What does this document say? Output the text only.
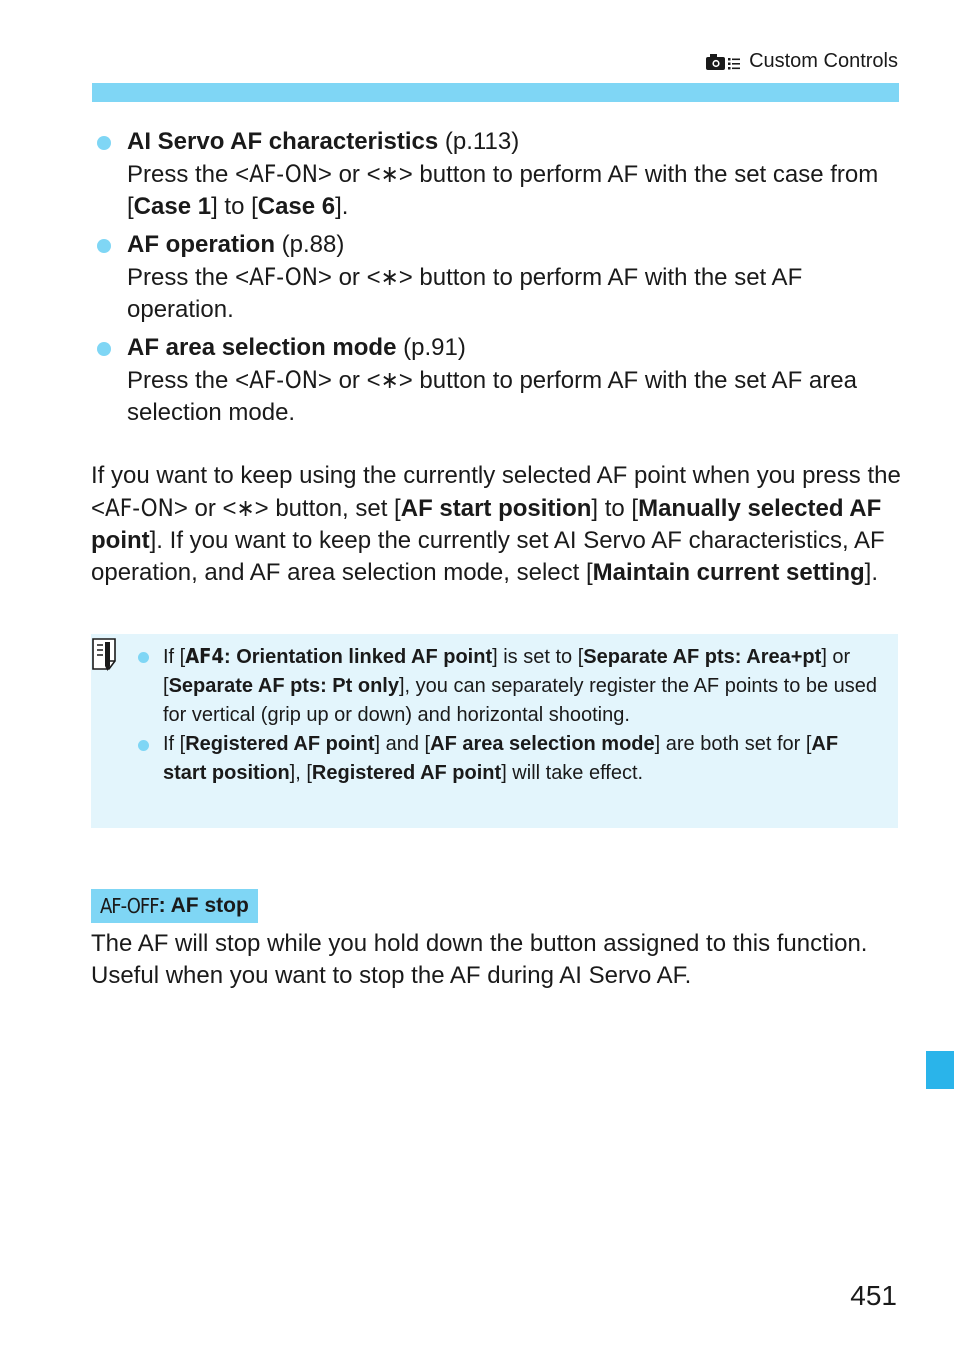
Custom Controls
AI Servo AF characteristics (p.113)
Press the <AF-ON> or <∗> button to perform AF with the set case from [Case 1] to [Case 6].
AF operation (p.88)
Press the <AF-ON> or <∗> button to perform AF with the set AF operation.
AF area selection mode (p.91)
Press the <AF-ON> or <∗> button to perform AF with the set AF area selection mode.

If you want to keep using the currently selected AF point when you press the <AF-ON> or <∗> button, set [AF start position] to [Manually selected AF point]. If you want to keep the currently set AI Servo AF characteristics, AF operation, and AF area selection mode, select [Maintain current setting].

If [AF4: Orientation linked AF point] is set to [Separate AF pts: Area+pt] or [Separate AF pts: Pt only], you can separately register the AF points to be used for vertical (grip up or down) and horizontal shooting.
If [Registered AF point] and [AF area selection mode] are both set for [AF start position], [Registered AF point] will take effect.
AF-OFF : AF stop

The AF will stop while you hold down the button assigned to this function. Useful when you want to stop the AF during AI Servo AF.

451
